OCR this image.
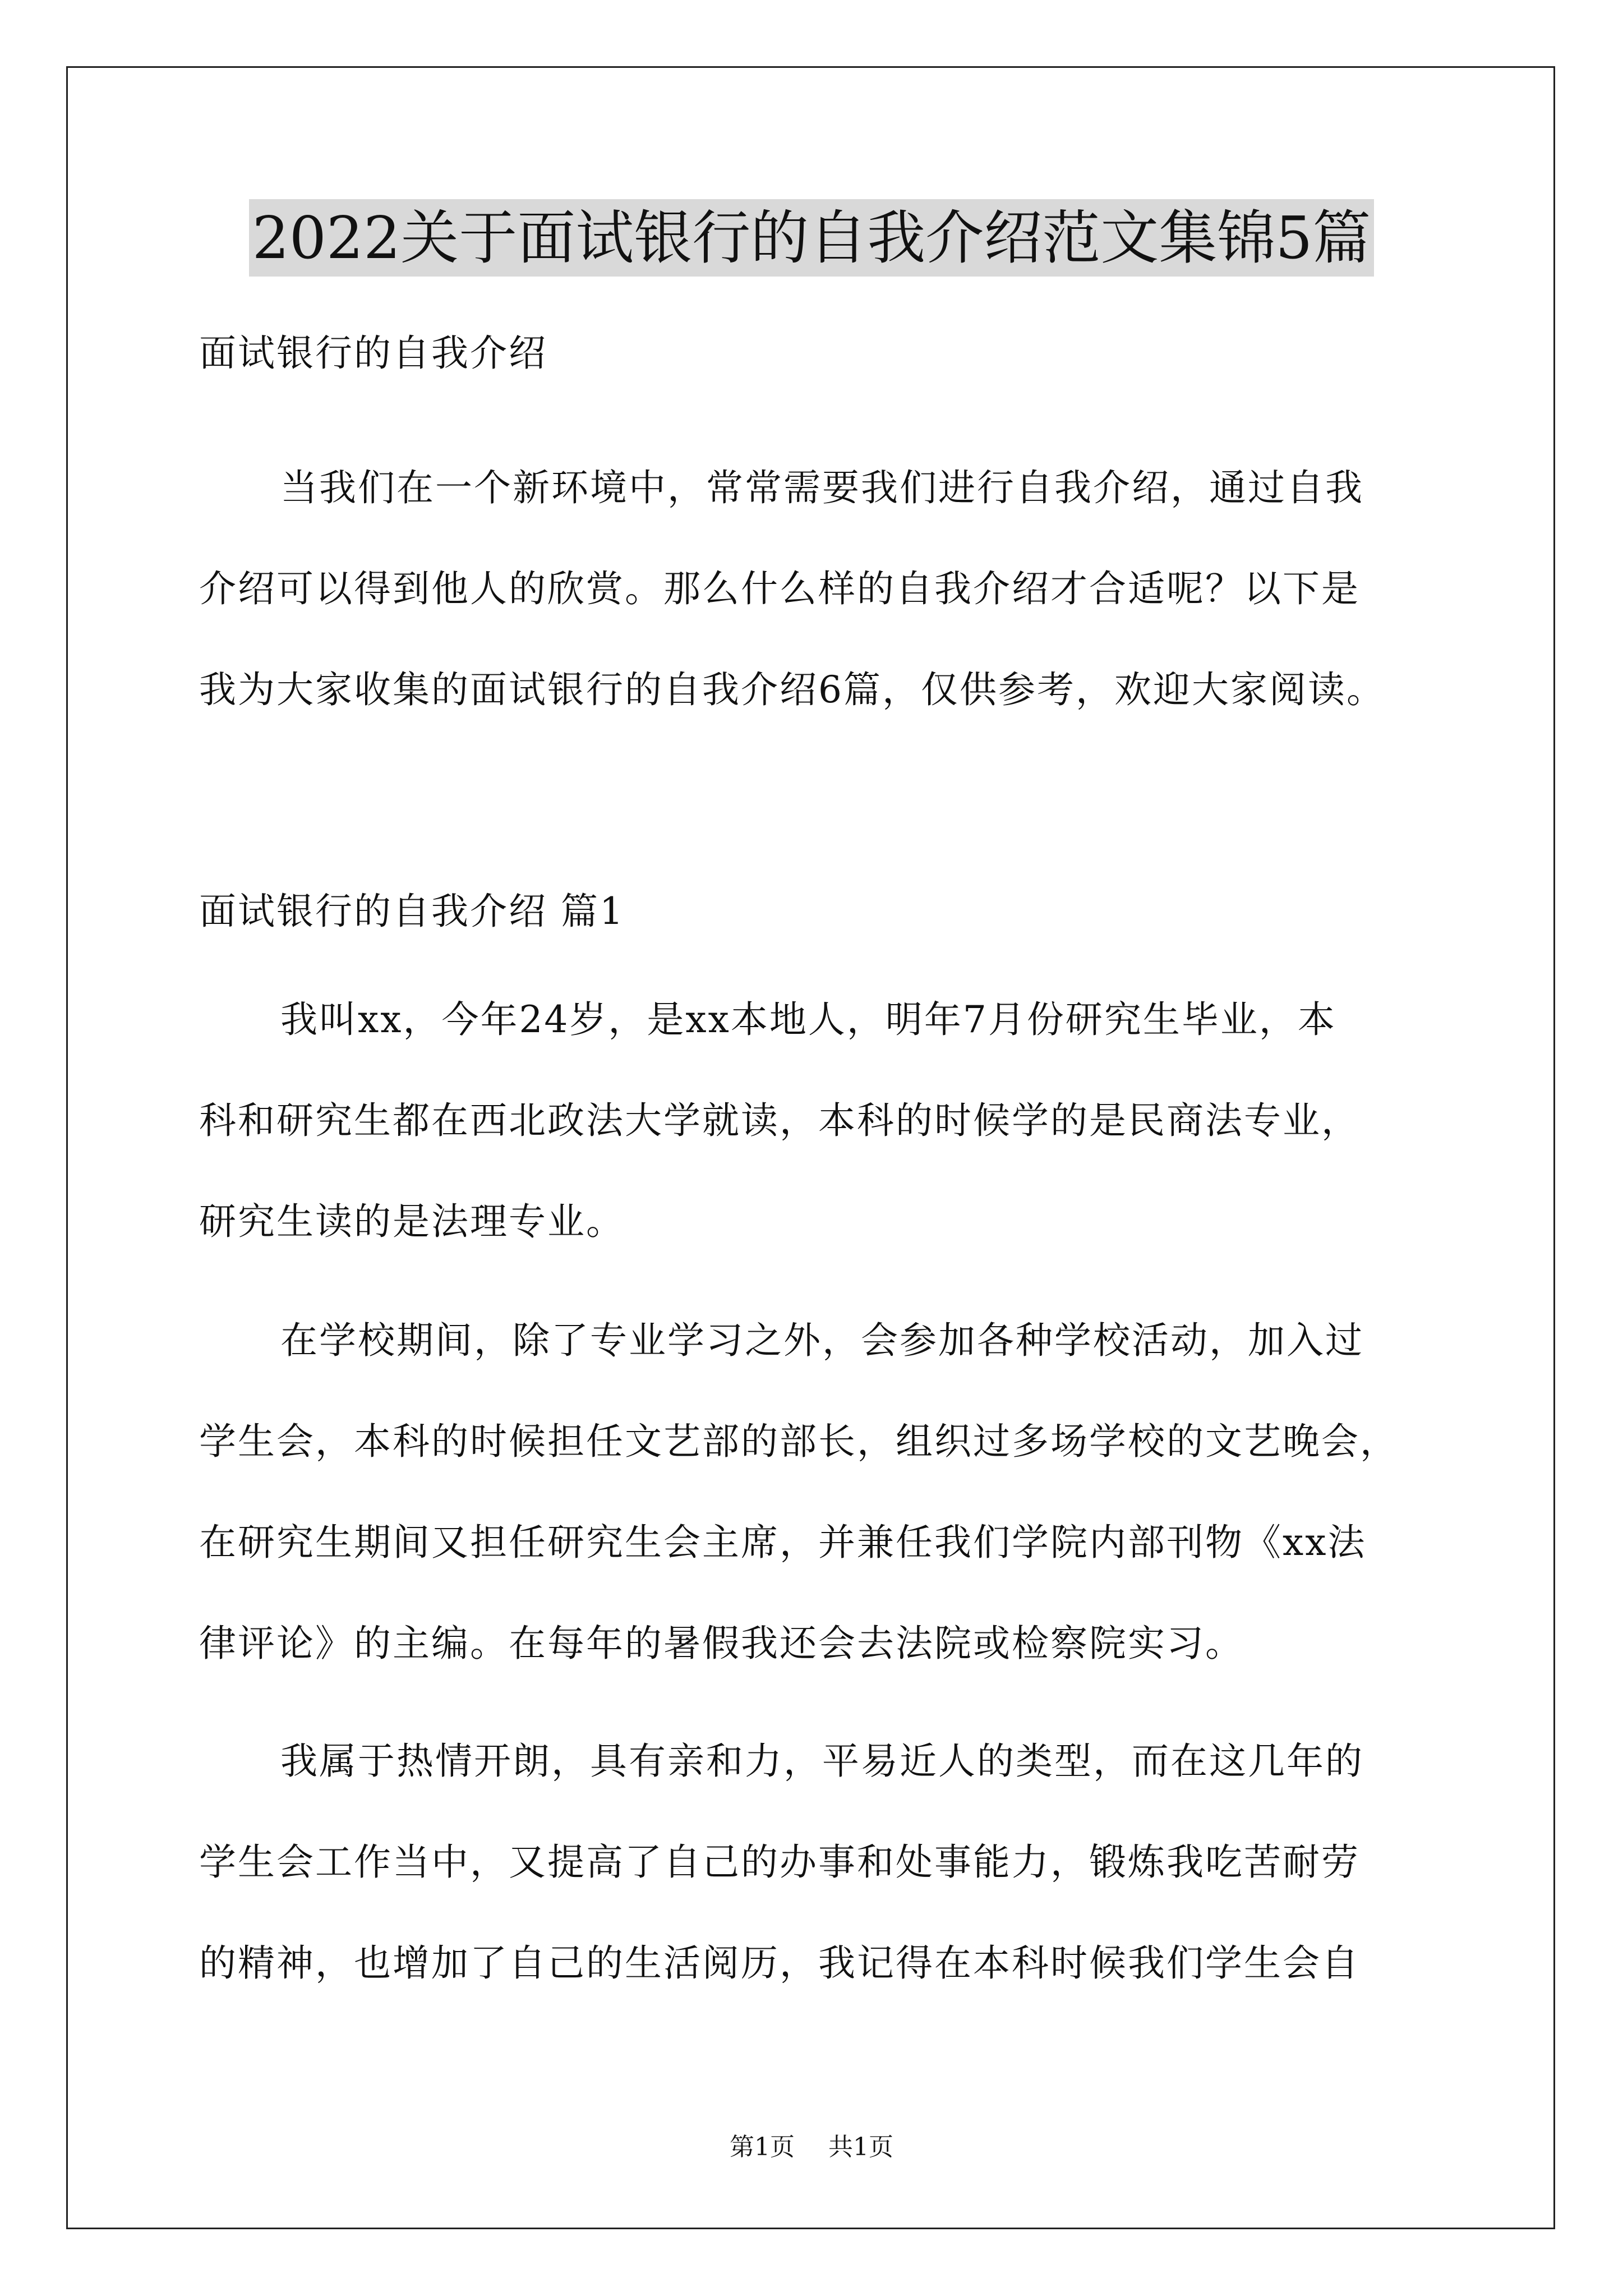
2022关于面试银行的自我介绍范文集锦5篇
面试银行的自我介绍
当我们在一个新环境中，常常需要我们进行自我介绍，通过自我
介绍可以得到他人的欣赏。那么什么样的自我介绍才合适呢？以下是
我为大家收集的面试银行的自我介绍6篇，仅供参考，欢迎大家阅读。
面试银行的自我介绍 篇1
我叫xx，今年24岁，是xx本地人，明年7月份研究生毕业，本
科和研究生都在西北政法大学就读，本科的时候学的是民商法专业，
研究生读的是法理专业。
在学校期间，除了专业学习之外，会参加各种学校活动，加入过
学生会，本科的时候担任文艺部的部长，组织过多场学校的文艺晚会，
在研究生期间又担任研究生会主席，并兼任我们学院内部刊物《xx法
律评论》的主编。在每年的暑假我还会去法院或检察院实习。
我属于热情开朗，具有亲和力，平易近人的类型，而在这几年的
学生会工作当中，又提高了自己的办事和处事能力，锻炼我吃苦耐劳
的精神，也增加了自己的生活阅历，我记得在本科时候我们学生会自
第1页 共1页
